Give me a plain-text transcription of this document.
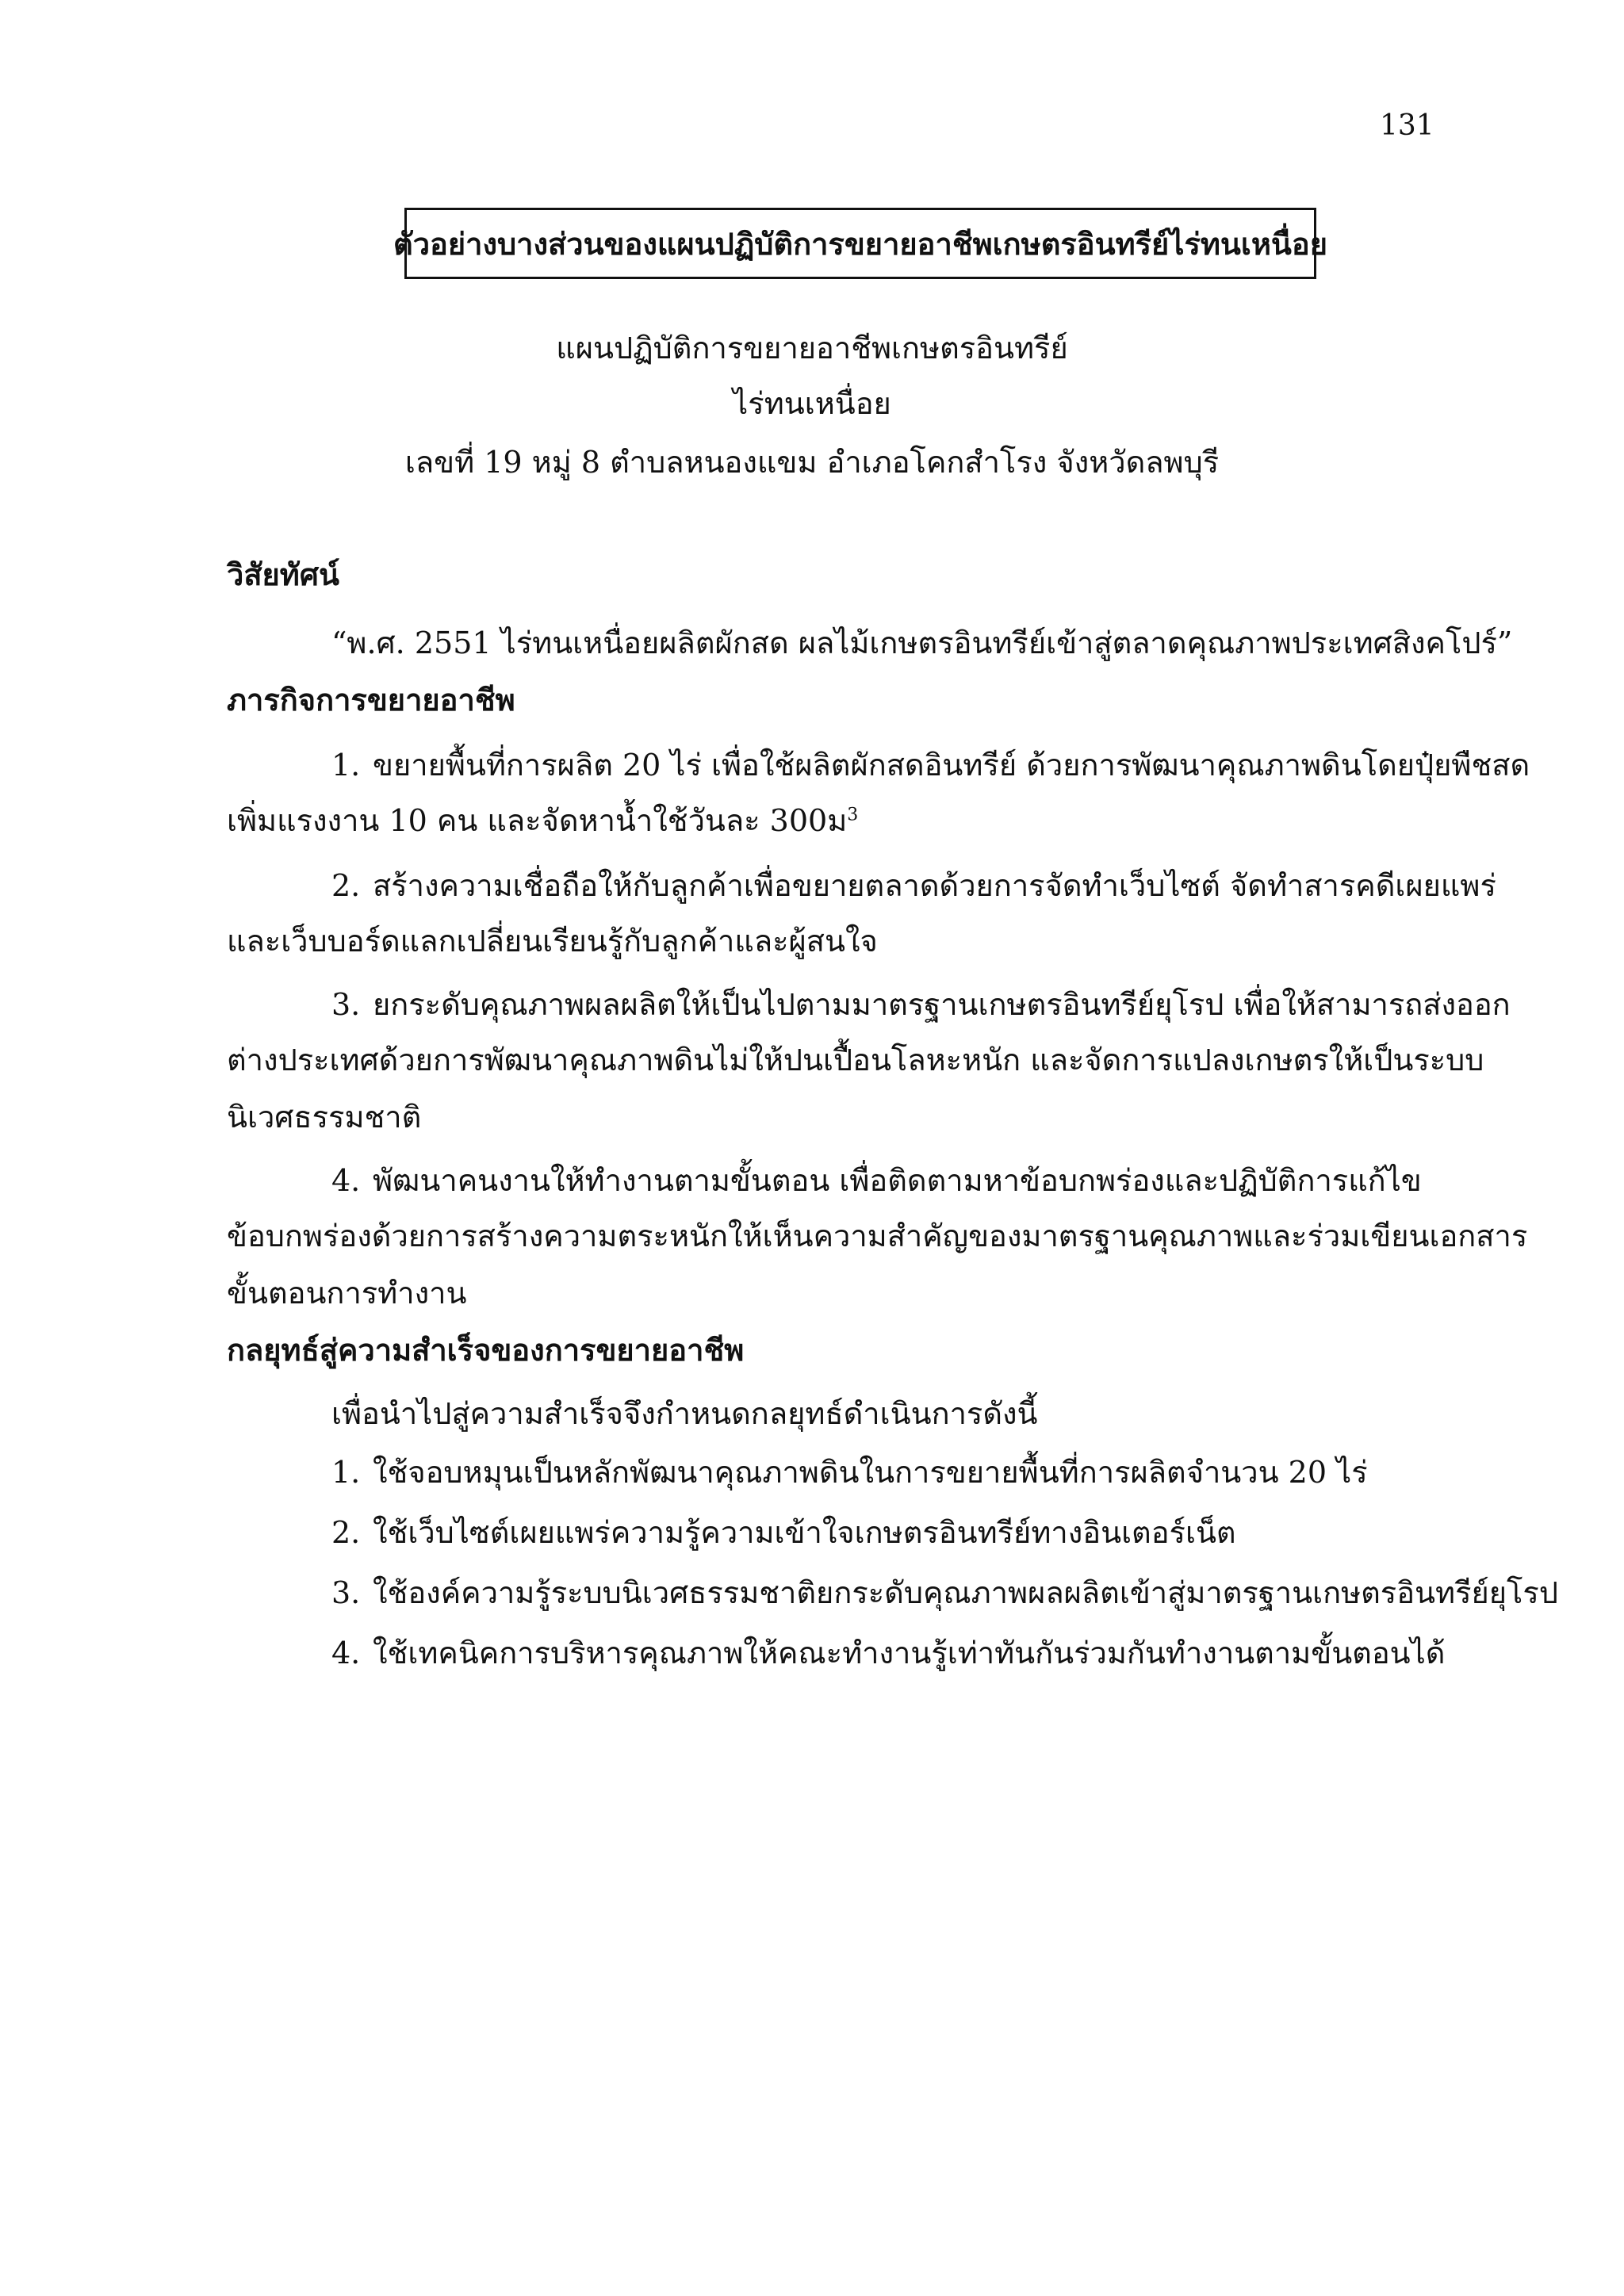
131
ตัวอย่างบางส่วนของแผนปฏิบัติการขยายอาชีพเกษตรอินทรีย์ไร่ทนเหนื่อย
แผนปฏิบัติการขยายอาชีพเกษตรอินทรีย์
ไร่ทนเหนื่อย
เลขที่ 19 หมู่ 8 ตำบลหนองแขม อำเภอโคกสำโรง จังหวัดลพบุรี
วิสัยทัศน์
“พ.ศ. 2551 ไร่ทนเหนื่อยผลิตผักสด ผลไม้เกษตรอินทรีย์เข้าสู่ตลาดคุณภาพประเทศสิงคโปร์”
ภารกิจการขยายอาชีพ
1. ขยายพื้นที่การผลิต 20 ไร่ เพื่อใช้ผลิตผักสดอินทรีย์ ด้วยการพัฒนาคุณภาพดินโดยปุ๋ยพืชสด
เพิ่มแรงงาน 10 คน และจัดหาน้ำใช้วันละ 300ม$^3$
2. สร้างความเชื่อถือให้กับลูกค้าเพื่อขยายตลาดด้วยการจัดทำเว็บไซต์ จัดทำสารคดีเผยแพร่
และเว็บบอร์ดแลกเปลี่ยนเรียนรู้กับลูกค้าและผู้สนใจ
3. ยกระดับคุณภาพผลผลิตให้เป็นไปตามมาตรฐานเกษตรอินทรีย์ยุโรป เพื่อให้สามารถส่งออก
ต่างประเทศด้วยการพัฒนาคุณภาพดินไม่ให้ปนเปื้อนโลหะหนัก และจัดการแปลงเกษตรให้เป็นระบบ
นิเวศธรรมชาติ
4. พัฒนาคนงานให้ทำงานตามขั้นตอน เพื่อติดตามหาข้อบกพร่องและปฏิบัติการแก้ไข
ข้อบกพร่องด้วยการสร้างความตระหนักให้เห็นความสำคัญของมาตรฐานคุณภาพและร่วมเขียนเอกสาร
ขั้นตอนการทำงาน
กลยุทธ์สู่ความสำเร็จของการขยายอาชีพ
เพื่อนำไปสู่ความสำเร็จจึงกำหนดกลยุทธ์ดำเนินการดังนี้
1. ใช้จอบหมุนเป็นหลักพัฒนาคุณภาพดินในการขยายพื้นที่การผลิตจำนวน 20 ไร่
2. ใช้เว็บไซต์เผยแพร่ความรู้ความเข้าใจเกษตรอินทรีย์ทางอินเตอร์เน็ต
3. ใช้องค์ความรู้ระบบนิเวศธรรมชาติยกระดับคุณภาพผลผลิตเข้าสู่มาตรฐานเกษตรอินทรีย์ยุโรป
4. ใช้เทคนิคการบริหารคุณภาพให้คณะทำงานรู้เท่าทันกันร่วมกันทำงานตามขั้นตอนได้
